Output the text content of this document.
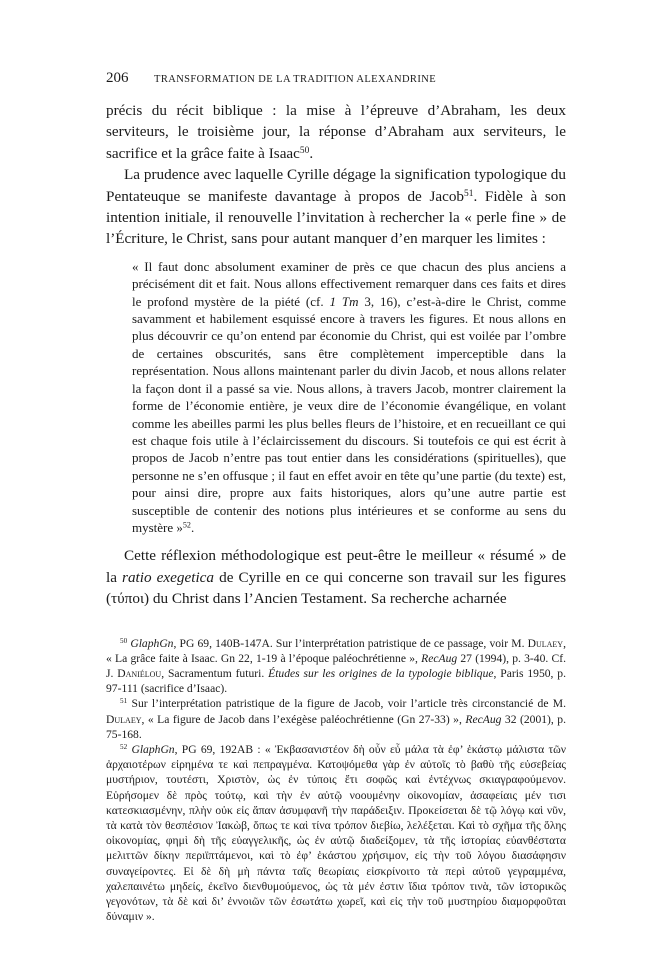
206	TRANSFORMATION DE LA TRADITION ALEXANDRINE

précis du récit biblique : la mise à l’épreuve d’Abraham, les deux serviteurs, le troisième jour, la réponse d’Abraham aux serviteurs, le sacrifice et la grâce faite à Isaac$^{50}$.

La prudence avec laquelle Cyrille dégage la signification typologique du Pentateuque se manifeste davantage à propos de Jacob$^{51}$. Fidèle à son intention initiale, il renouvelle l’invitation à rechercher la « perle fine » de l’Écriture, le Christ, sans pour autant manquer d’en marquer les limites :

« Il faut donc absolument examiner de près ce que chacun des plus anciens a précisément dit et fait. Nous allons effectivement remarquer dans ces faits et dires le profond mystère de la piété (cf. 1 Tm 3, 16), c’est-à-dire le Christ, comme savamment et habilement esquissé encore à travers les figures. Et nous allons en plus découvrir ce qu’on entend par économie du Christ, qui est voilée par l’ombre de certaines obscurités, sans être complètement imperceptible dans la représentation. Nous allons maintenant parler du divin Jacob, et nous allons relater la façon dont il a passé sa vie. Nous allons, à travers Jacob, montrer clairement la forme de l’économie entière, je veux dire de l’économie évangélique, en volant comme les abeilles parmi les plus belles fleurs de l’histoire, et en recueillant ce qui est chaque fois utile à l’éclaircissement du discours. Si toutefois ce qui est écrit à propos de Jacob n’entre pas tout entier dans les considérations (spirituelles), que personne ne s’en offusque ; il faut en effet avoir en tête qu’une partie (du texte) est, pour ainsi dire, propre aux faits historiques, alors qu’une autre partie est susceptible de contenir des notions plus intérieures et se conforme au sens du mystère »$^{52}$.

Cette réflexion méthodologique est peut-être le meilleur « résumé » de la ratio exegetica de Cyrille en ce qui concerne son travail sur les figures (τύποι) du Christ dans l’Ancien Testament. Sa recherche acharnée

$^{50}$ GlaphGn, PG 69, 140B-147A. Sur l’interprétation patristique de ce passage, voir M. Dulaey, « La grâce faite à Isaac. Gn 22, 1-19 à l’époque paléochrétienne », RecAug 27 (1994), p. 3-40. Cf. J. Daniélou, Sacramentum futuri. Études sur les origines de la typologie biblique, Paris 1950, p. 97-111 (sacrifice d’Isaac).

$^{51}$ Sur l’interprétation patristique de la figure de Jacob, voir l’article très circonstancié de M. Dulaey, « La figure de Jacob dans l’exégèse paléochrétienne (Gn 27-33) », RecAug 32 (2001), p. 75-168.

$^{52}$ GlaphGn, PG 69, 192AB : « Ἐκβασανιστέον δὴ οὖν εὖ μάλα τὰ ἐφ’ ἑκάστῳ μάλιστα τῶν ἀρχαιοτέρων εἰρημένα τε καὶ πεπραγμένα. Κατοψόμεθα γὰρ ἐν αὐτοῖς τὸ βαθὺ τῆς εὐσεβείας μυστήριον, τουτέστι, Χριστὸν, ὡς ἐν τύποις ἔτι σοφῶς καὶ ἐντέχνως σκιαγραφούμενον. Εὑρήσομεν δὲ πρὸς τούτῳ, καὶ τὴν ἐν αὐτῷ νοουμένην οἰκονομίαν, ἀσαφείαις μέν τισι κατεσκιασμένην, πλὴν οὐκ εἰς ἅπαν ἀσυμφανῆ τὴν παράδειξιν. Προκείσεται δὲ τῷ λόγῳ καὶ νῦν, τὰ κατὰ τὸν θεσπέσιον Ἰακὼβ, ὅπως τε καὶ τίνα τρόπον διεβίω, λελέξεται. Καὶ τὸ σχῆμα τῆς ὅλης οἰκονομίας, φημὶ δὴ τῆς εὐαγγελικῆς, ὡς ἐν αὐτῷ διαδείξομεν, τὰ τῆς ἱστορίας εὐανθέστατα μελιττῶν δίκην περιϊπτάμενοι, καὶ τὸ ἐφ’ ἑκάστου χρήσιμον, εἰς τὴν τοῦ λόγου διασάφησιν συναγείροντες. Εἰ δὲ δὴ μὴ πάντα ταῖς θεωρίαις εἰσκρίνοιτο τὰ περὶ αὐτοῦ γεγραμμένα, χαλεπαινέτω μηδείς, ἐκεῖνο διενθυμούμενος, ὡς τὰ μέν ἐστιν ἴδια τρόπον τινὰ, τῶν ἱστορικῶς γεγονότων, τὰ δὲ καὶ δι’ ἐννοιῶν τῶν ἐσωτάτω χωρεῖ, καὶ εἰς τὴν τοῦ μυστηρίου διαμορφοῦται δύναμιν ».
